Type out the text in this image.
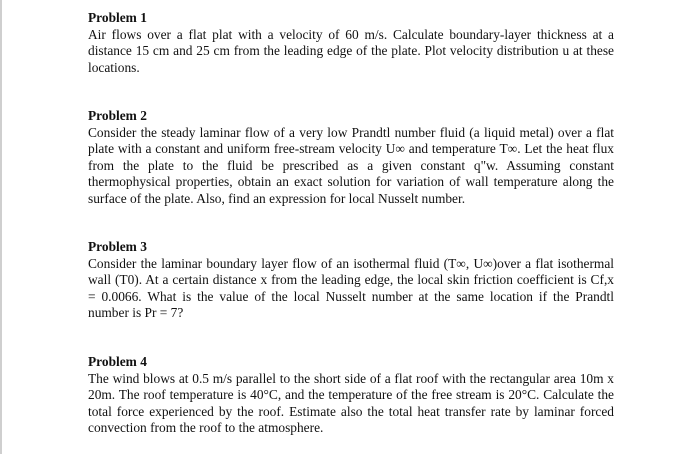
Problem 1
Air flows over a flat plat with a velocity of 60 m/s. Calculate boundary-layer thickness at a distance 15 cm and 25 cm from the leading edge of the plate. Plot velocity distribution u at these locations.
Problem 2
Consider the steady laminar flow of a very low Prandtl number fluid (a liquid metal) over a flat plate with a constant and uniform free-stream velocity U∞ and temperature T∞. Let the heat flux from the plate to the fluid be prescribed as a given constant q"w. Assuming constant thermophysical properties, obtain an exact solution for variation of wall temperature along the surface of the plate. Also, find an expression for local Nusselt number.
Problem 3
Consider the laminar boundary layer flow of an isothermal fluid (T∞, U∞)over a flat isothermal wall (T0). At a certain distance x from the leading edge, the local skin friction coefficient is Cf,x = 0.0066. What is the value of the local Nusselt number at the same location if the Prandtl number is Pr = 7?
Problem 4
The wind blows at 0.5 m/s parallel to the short side of a flat roof with the rectangular area 10m x 20m. The roof temperature is 40°C, and the temperature of the free stream is 20°C. Calculate the total force experienced by the roof. Estimate also the total heat transfer rate by laminar forced convection from the roof to the atmosphere.
